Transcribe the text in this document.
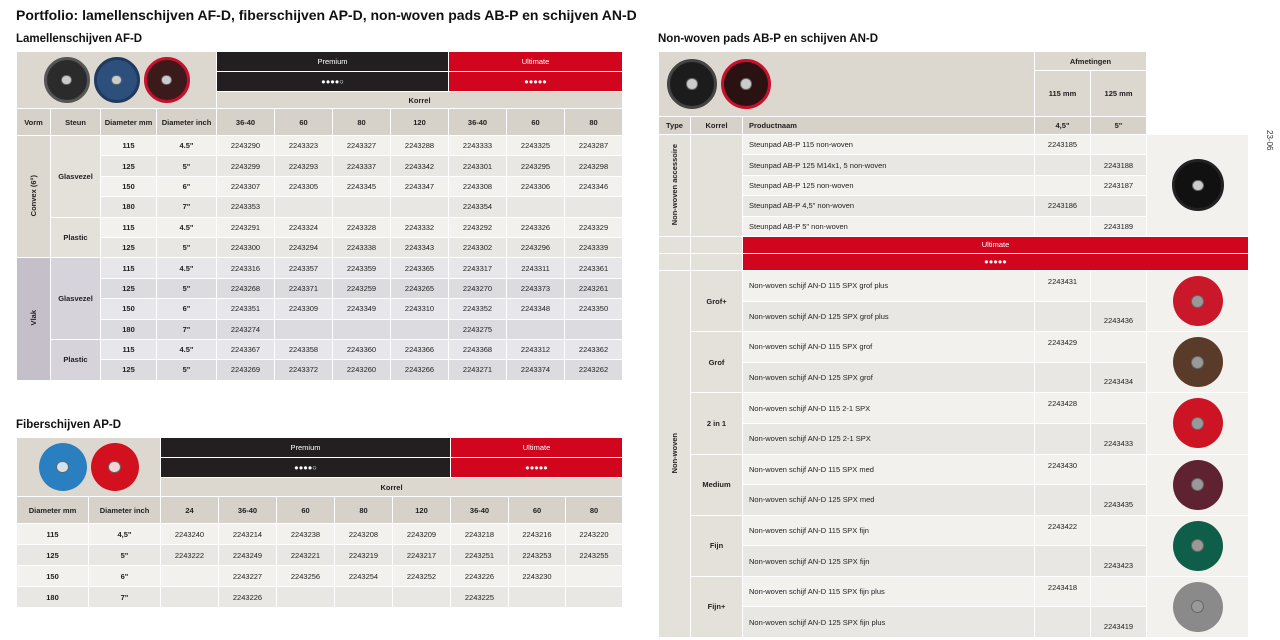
Portfolio: lamellenschijven AF-D, fiberschijven AP-D, non-woven pads AB-P en schijven AN-D
23-06
Lamellenschijven AF-D
				Premium				Ultimate		
				●●●●○				●●●●●		
				Korrel						
Vorm	Steun	Diameter mm	Diameter inch	36-40	60	80	120	36-40	60	80
Convex (6°)	Glasvezel	115	4.5"	2243290	2243323	2243327	2243288	2243333	2243325	2243287
		125	5"	2243299	2243293	2243337	2243342	2243301	2243295	2243298
		150	6"	2243307	2243305	2243345	2243347	2243308	2243306	2243346
		180	7"	2243353				2243354		
	Plastic	115	4.5"	2243291	2243324	2243328	2243332	2243292	2243326	2243329
		125	5"	2243300	2243294	2243338	2243343	2243302	2243296	2243339
Vlak	Glasvezel	115	4.5"	2243316	2243357	2243359	2243365	2243317	2243311	2243361
		125	5"	2243268	2243371	2243259	2243265	2243270	2243373	2243261
		150	6"	2243351	2243309	2243349	2243310	2243352	2243348	2243350
		180	7"	2243274				2243275		
	Plastic	115	4.5"	2243367	2243358	2243360	2243366	2243368	2243312	2243362
		125	5"	2243269	2243372	2243260	2243266	2243271	2243374	2243262
Fiberschijven AP-D
		Premium					Ultimate		
		●●●●○					●●●●●		
		Korrel							
Diameter mm	Diameter inch	24	36-40	60	80	120	36-40	60	80
115	4,5"	2243240	2243214	2243238	2243208	2243209	2243218	2243216	2243220
125	5"	2243222	2243249	2243221	2243219	2243217	2243251	2243253	2243255
150	6"		2243227	2243256	2243254	2243252	2243226	2243230	
180	7"		2243226				2243225		
Non-woven pads AB-P en schijven AN-D
			Afmetingen		
			115 mm	125 mm	
Type	Korrel	Productnaam	4,5"	5"	
Non-woven accessoire		Steunpad AB-P 115 non-woven	2243185		

		Steunpad AB-P 125 M14x1, 5 non-woven		2243188	
		Steunpad AB-P 125 non-woven		2243187	
		Steunpad AB-P 4,5" non-woven	2243186		
		Steunpad AB-P 5" non-woven		2243189	
		Ultimate			
		●●●●●			
Non-woven	Grof+	Non-woven schijf AN-D 115 SPX grof plus	2243431		

		Non-woven schijf AN-D 125 SPX grof plus		2243436	
	Grof	Non-woven schijf AN-D 115 SPX grof	2243429		

		Non-woven schijf AN-D 125 SPX grof		2243434	
	2 in 1	Non-woven schijf AN-D 115 2-1 SPX	2243428		

		Non-woven schijf AN-D 125 2-1 SPX		2243433	
	Medium	Non-woven schijf AN-D 115 SPX med	2243430		

		Non-woven schijf AN-D 125 SPX med		2243435	
	Fijn	Non-woven schijf AN-D 115 SPX fijn	2243422		

		Non-woven schijf AN-D 125 SPX fijn		2243423	
	Fijn+	Non-woven schijf AN-D 115 SPX fijn plus	2243418		

		Non-woven schijf AN-D 125 SPX fijn plus		2243419	
